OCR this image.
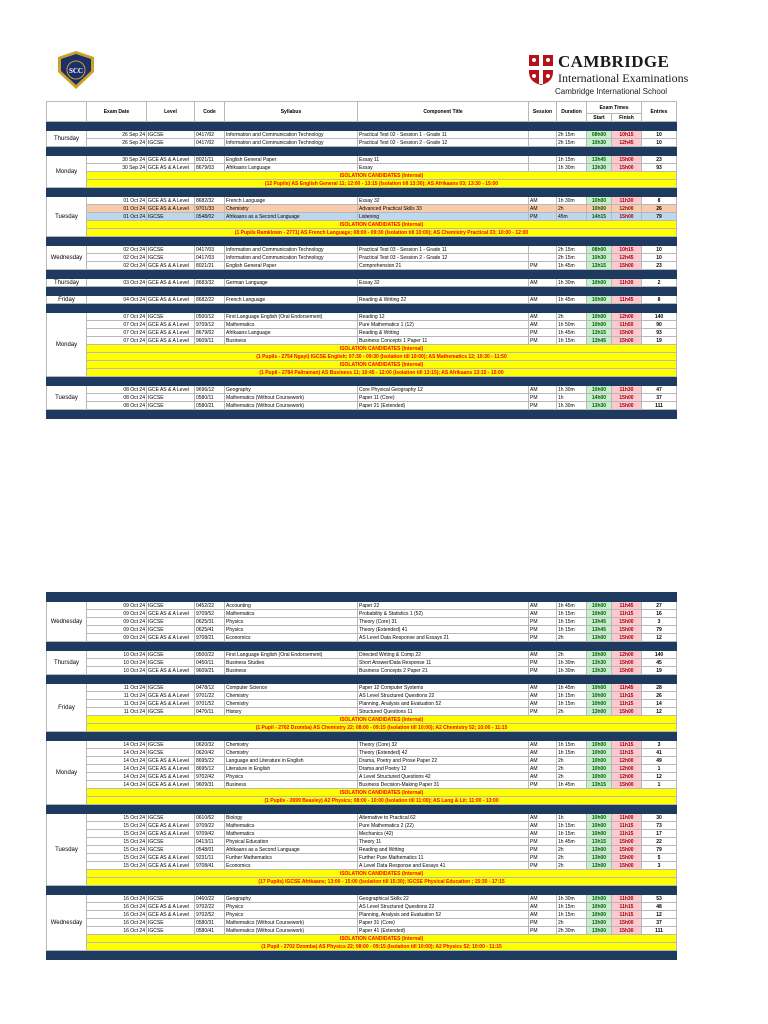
SCC	CAMBRIDGE
International Examinations
Cambridge International School
	Exam Date	Level	Code	Syllabus	Component Title	Session	Duration	Exam Times		Entries
								Start	Finish	

Thursday	26 Sep 24	IGCSE	0417/02	Information and Communication Technology	Practical Test 02 - Session 1 - Grade 11		2h 15m	08h00	10h15	10
	26 Sep 24	IGCSE	0417/02	Information and Communication Technology	Practical Test 02 - Session 2 - Grade 12		2h 15m	10h30	12h45	10

Monday	30 Sep 24	GCE AS & A Level	8021/11	English General Paper	Essay 11		1h 15m	13h45	15h00	23
	30 Sep 24	GCE AS & A Level	8679/03	Afrikaans Language	Essay		1h 30m	13h30	15h00	93
	ISOLATION CANDIDATES (Internal)									
	(12 Pupils) AS English General 11; 12:00 - 13:15 (Isolation till 13:30); AS Afrikaans 03; 13:30 - 15:00									

Tuesday	01 Oct 24	GCE AS & A Level	8682/32	French Language	Essay 32	AM	1h 30m	10h00	11h30	8
	01 Oct 24	GCE AS & A Level	9701/33	Chemistry	Advanced Practical Skills 33	AM	2h	10h00	12h00	26
	01 Oct 24	IGCSE	0548/02	Afrikaans as a Second Language	Listening	PM	45m	14h15	15h00	79
	ISOLATION CANDIDATES (Internal)									
	(1 Pupils Ramklown - 2771) AS French Language; 08:00 - 09:30 (Isolation till 10:00); AS Chemistry Practical 33; 10:00 - 12:00									

Wednesday	02 Oct 24	IGCSE	0417/03	Information and Communication Technology	Practical Test 03 - Session 1 - Grade 11		2h 15m	08h00	10h15	10
	02 Oct 24	IGCSE	0417/03	Information and Communication Technology	Practical Test 03 - Session 2 - Grade 12		2h 15m	10h30	12h45	10
	02 Oct 24	GCE AS & A Level	8021/21	English General Paper	Comprehension 21	PM	1h 45m	13h15	15h00	23

Thursday	03 Oct 24	GCE AS & A Level	8683/32	German Language	Essay 32	AM	1h 30m	10h00	11h30	2

Friday	04 Oct 24	GCE AS & A Level	8682/22	French Language	Reading & Writing 22	AM	1h 45m	10h00	11h45	8

Monday	07 Oct 24	IGCSE	0500/12	First Language English (Oral Endorsement)	Reading 12	AM	2h	10h00	12h00	140
	07 Oct 24	GCE AS & A Level	9709/12	Mathematics	Pure Mathematics 1 (12)	AM	1h 50m	10h00	11h50	90
	07 Oct 24	GCE AS & A Level	8679/02	Afrikaans Language	Reading & Writing	PM	1h 45m	13h15	15h00	93
	07 Oct 24	GCE AS & A Level	9609/11	Business	Business Concepts 1 Paper 11	PM	1h 15m	13h45	15h00	19
	ISOLATION CANDIDATES (Internal)									
	(1 Pupils - 2754 Ngayi) IGCSE English; 07:30 - 09:30 (Isolation till 10:00); AS Mathematics 12; 10:30 - 11:50									
	ISOLATION CANDIDATES (Internal)									
	(1 Pupil - 2784 Paltraman) AS Business 11; 10:45 - 12:00 (Isolation till 13:15); AS Afrikaans 13:15 - 15:00									

Tuesday	08 Oct 24	GCE AS & A Level	9696/12	Geography	Core Physical Geography 12	AM	1h 30m	10h00	11h30	47
	08 Oct 24	IGCSE	0580/11	Mathematics (Without Coursework)	Paper 11 (Core)	PM	1h	14h00	15h00	37
	08 Oct 24	IGCSE	0580/21	Mathematics (Without Coursework)	Paper 21 (Extended)	PM	1h 30m	13h30	15h00	111

Wednesday	09 Oct 24	IGCSE	0452/22	Accounting	Paper 22	AM	1h 45m	10h00	11h45	27
	09 Oct 24	GCE AS & A Level	9709/52	Mathematics	Probability & Statistics 1 (52)	AM	1h 15m	10h00	11h15	16
	09 Oct 24	IGCSE	0625/31	Physics	Theory (Core) 31	PM	1h 15m	13h45	15h00	3
	09 Oct 24	IGCSE	0625/41	Physics	Theory (Extended) 41	PM	1h 15m	13h45	15h00	79
	09 Oct 24	GCE AS & A Level	9708/21	Economics	AS Level Data Response and Essays 21	PM	2h	13h00	15h00	12

Thursday	10 Oct 24	IGCSE	0500/22	First Language English (Oral Endorsement)	Directed Writing & Comp 22	AM	2h	10h00	12h00	140
	10 Oct 24	IGCSE	0450/11	Business Studies	Short Answer/Data Response 11	PM	1h 30m	13h30	15h00	45
	10 Oct 24	GCE AS & A Level	9609/21	Business	Business Concepts 2 Paper 21	PM	1h 30m	13h30	15h00	19

Friday	11 Oct 24	IGCSE	0478/12	Computer Science	Paper 12 Computer Systems	AM	1h 45m	10h00	11h45	28
	11 Oct 24	GCE AS & A Level	9701/22	Chemistry	AS Level Structured Questions 22	AM	1h 15m	10h00	11h15	26
	11 Oct 24	GCE AS & A Level	9701/52	Chemistry	Planning, Analysis and Evaluation 52	AM	1h 15m	10h00	11h15	14
	11 Oct 24	IGCSE	0470/11	History	Structured Questions 11	PM	2h	13h00	15h00	12
	ISOLATION CANDIDATES (Internal)									
	(1 Pupil - 2702 Dzomba) AS Chemistry 22; 08:00 - 09:15 (Isolation till 10:00); A2 Chemistry 52; 10:00 - 11:15									

Monday	14 Oct 24	IGCSE	0620/32	Chemistry	Theory (Core) 32	AM	1h 15m	10h00	11h15	3
	14 Oct 24	IGCSE	0620/42	Chemistry	Theory (Extended) 42	AM	1h 15m	10h00	11h15	41
	14 Oct 24	GCE AS & A Level	8695/22	Language and Literature in English	Drama, Poetry and Prose Paper 22	AM	2h	10h00	12h00	49
	14 Oct 24	GCE AS & A Level	8695/12	Literature in English	Drama and Poetry 12	AM	2h	10h00	12h00	1
	14 Oct 24	GCE AS & A Level	9702/42	Physics	A Level Structured Questions 42	AM	2h	10h00	12h00	12
	14 Oct 24	GCE AS & A Level	9609/31	Business	Business Decision-Making Paper 31	PM	1h 45m	13h15	15h00	1
	ISOLATION CANDIDATES (Internal)									
	(1 Pupils - 2699 Beasley) A2 Physics; 08:00 - 10:00 (Isolation till 11:00); AS Lang & Lit; 11:00 - 13:00									

Tuesday	15 Oct 24	IGCSE	0610/62	Biology	Alternative to Practical 62	AM	1h	10h00	11h00	30
	15 Oct 24	GCE AS & A Level	9709/22	Mathematics	Pure Mathematics 2 (22)	AM	1h 15m	10h00	11h15	73
	15 Oct 24	GCE AS & A Level	9709/42	Mathematics	Mechanics (42)	AM	1h 15m	10h00	11h15	17
	15 Oct 24	IGCSE	0413/11	Physical Education	Theory 11	PM	1h 45m	13h15	15h00	22
	15 Oct 24	IGCSE	0548/01	Afrikaans as a Second Language	Reading and Writing	PM	2h	13h00	15h00	79
	15 Oct 24	GCE AS & A Level	9231/11	Further Mathematics	Further Pure Mathematics 11	PM	2h	13h00	15h00	5
	15 Oct 24	GCE AS & A Level	9708/41	Economics	A Level Data Response and Essays 41	PM	2h	13h00	15h00	3
	ISOLATION CANDIDATES (Internal)									
	(17 Pupils) IGCSE Afrikaans; 13:00 - 15:00 (Isolation till 15:30); IGCSE Physical Education ; 15:30 - 17:15									

Wednesday	16 Oct 24	IGCSE	0460/22	Geography	Geographical Skills 22	AM	1h 30m	10h00	11h30	53
	16 Oct 24	GCE AS & A Level	9702/22	Physics	AS Level Structured Questions 22	AM	1h 15m	10h00	11h15	48
	16 Oct 24	GCE AS & A Level	9702/52	Physics	Planning, Analysis and Evaluation 52	AM	1h 15m	10h00	11h15	12
	16 Oct 24	IGCSE	0580/31	Mathematics (Without Coursework)	Paper 31 (Core)	PM	2h	13h00	15h00	37
	16 Oct 24	IGCSE	0580/41	Mathematics (Without Coursework)	Paper 41 (Extended)	PM	2h 30m	13h00	15h30	111
	ISOLATION CANDIDATES (Internal)									
	(1 Pupil - 2702 Dzomba) AS Physics 22; 08:00 - 09:15 (Isolation till 10:00); A2 Physics 52; 10:00 - 11:15									
